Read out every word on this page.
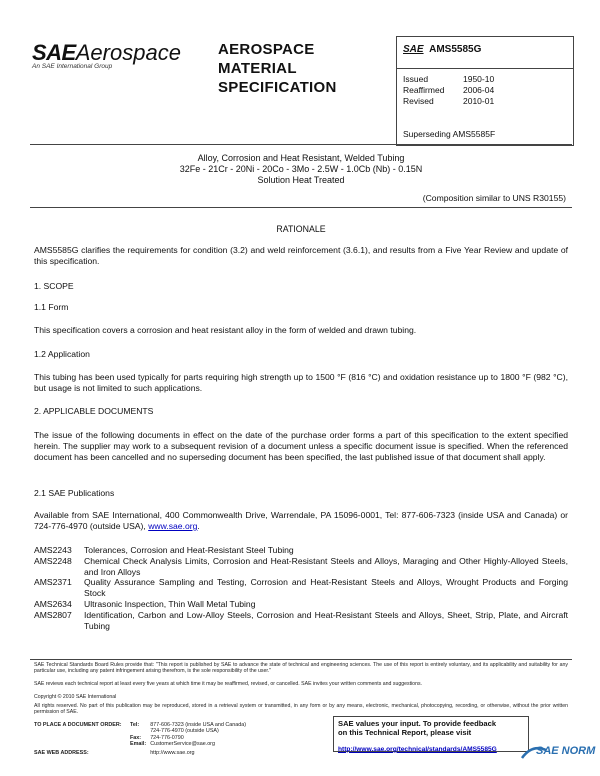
SAEAerospace
An SAE International Group
AEROSPACE
MATERIAL
SPECIFICATION
SAE AMS5585G
Issued	1950-10
Reaffirmed	2006-04
Revised	2010-01
Superseding AMS5585F
Alloy, Corrosion and Heat Resistant, Welded Tubing
32Fe - 21Cr - 20Ni - 20Co - 3Mo - 2.5W - 1.0Cb (Nb) - 0.15N
Solution Heat Treated
(Composition similar to UNS R30155)
RATIONALE
AMS5585G clarifies the requirements for condition (3.2) and weld reinforcement (3.6.1), and results from a Five Year Review and update of this specification.
1. SCOPE
1.1 Form
This specification covers a corrosion and heat resistant alloy in the form of welded and drawn tubing.
1.2 Application
This tubing has been used typically for parts requiring high strength up to 1500 °F (816 °C) and oxidation resistance up to 1800 °F (982 °C), but usage is not limited to such applications.
2. APPLICABLE DOCUMENTS
The issue of the following documents in effect on the date of the purchase order forms a part of this specification to the extent specified herein. The supplier may work to a subsequent revision of a document unless a specific document issue is specified. When the referenced document has been cancelled and no superseding document has been specified, the last published issue of that document shall apply.
2.1 SAE Publications
Available from SAE International, 400 Commonwealth Drive, Warrendale, PA 15096-0001, Tel: 877-606-7323 (inside USA and Canada) or 724-776-4970 (outside USA), www.sae.org.
AMS2243	Tolerances, Corrosion and Heat-Resistant Steel Tubing
AMS2248	Chemical Check Analysis Limits, Corrosion and Heat-Resistant Steels and Alloys, Maraging and Other Highly-Alloyed Steels, and Iron Alloys
AMS2371	Quality Assurance Sampling and Testing, Corrosion and Heat-Resistant Steels and Alloys, Wrought Products and Forging Stock
AMS2634	Ultrasonic Inspection, Thin Wall Metal Tubing
AMS2807	Identification, Carbon and Low-Alloy Steels, Corrosion and Heat-Resistant Steels and Alloys, Sheet, Strip, Plate, and Aircraft Tubing
SAE Technical Standards Board Rules provide that: "This report is published by SAE to advance the state of technical and engineering sciences. The use of this report is entirely voluntary, and its applicability and suitability for any particular use, including any patent infringement arising therefrom, is the sole responsibility of the user."
SAE reviews each technical report at least every five years at which time it may be reaffirmed, revised, or cancelled. SAE invites your written comments and suggestions.
Copyright © 2010 SAE International
All rights reserved. No part of this publication may be reproduced, stored in a retrieval system or transmitted, in any form or by any means, electronic, mechanical, photocopying, recording, or otherwise, without the prior written permission of SAE.
TO PLACE A DOCUMENT ORDER:	Tel:	877-606-7323 (inside USA and Canada)
		724-776-4970 (outside USA)
	Fax:	724-776-0790
	Email:	CustomerService@sae.org
SAE WEB ADDRESS:		http://www.sae.org
SAE values your input. To provide feedback
on this Technical Report, please visit
http://www.sae.org/technical/standards/AMS5585G	SAE NORM
